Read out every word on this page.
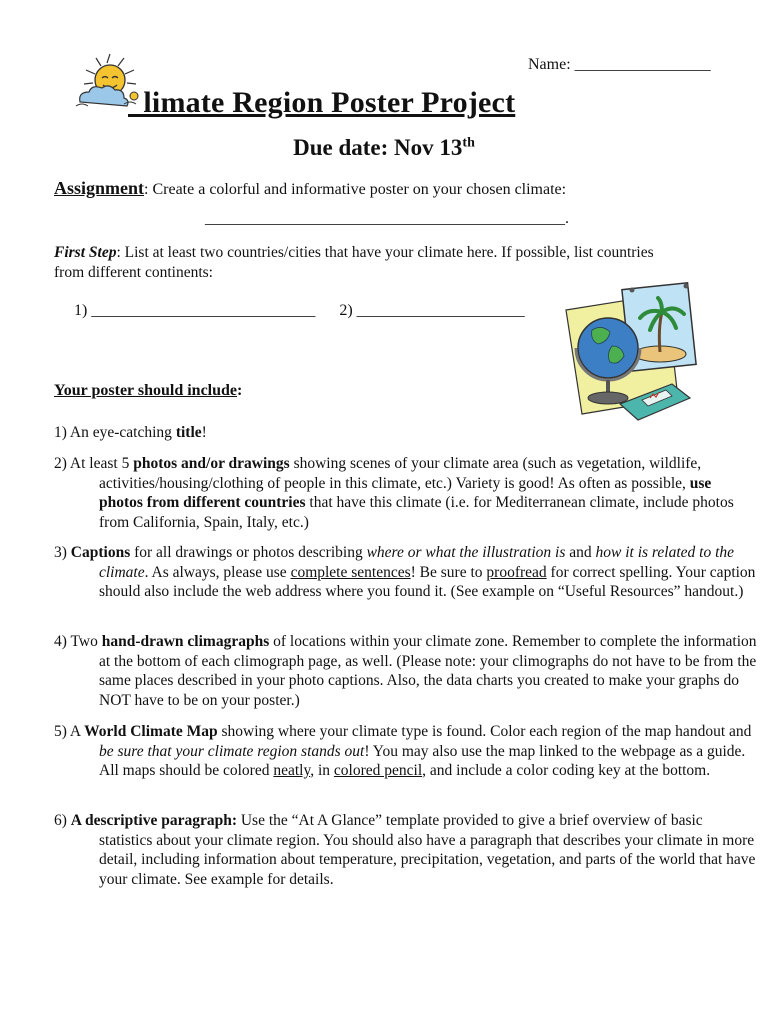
Name: _________________
limate Region Poster Project
Due date: Nov 13th
Assignment: Create a colorful and informative poster on your chosen climate:
_____________________________________________.
First Step: List at least two countries/cities that have your climate here. If possible, list countries from different continents:
1) ____________________________ 2) _____________________
Your poster should include:
1) An eye-catching title!
2) At least 5 photos and/or drawings showing scenes of your climate area (such as vegetation, wildlife, activities/housing/clothing of people in this climate, etc.) Variety is good! As often as possible, use photos from different countries that have this climate (i.e. for Mediterranean climate, include photos from California, Spain, Italy, etc.)
3) Captions for all drawings or photos describing where or what the illustration is and how it is related to the climate. As always, please use complete sentences! Be sure to proofread for correct spelling. Your caption should also include the web address where you found it. (See example on “Useful Resources” handout.)
4) Two hand-drawn climagraphs of locations within your climate zone. Remember to complete the information at the bottom of each climograph page, as well. (Please note: your climographs do not have to be from the same places described in your photo captions. Also, the data charts you created to make your graphs do NOT have to be on your poster.)
5) A World Climate Map showing where your climate type is found. Color each region of the map handout and be sure that your climate region stands out! You may also use the map linked to the webpage as a guide. All maps should be colored neatly, in colored pencil, and include a color coding key at the bottom.
6) A descriptive paragraph: Use the “At A Glance” template provided to give a brief overview of basic statistics about your climate region. You should also have a paragraph that describes your climate in more detail, including information about temperature, precipitation, vegetation, and parts of the world that have your climate. See example for details.
